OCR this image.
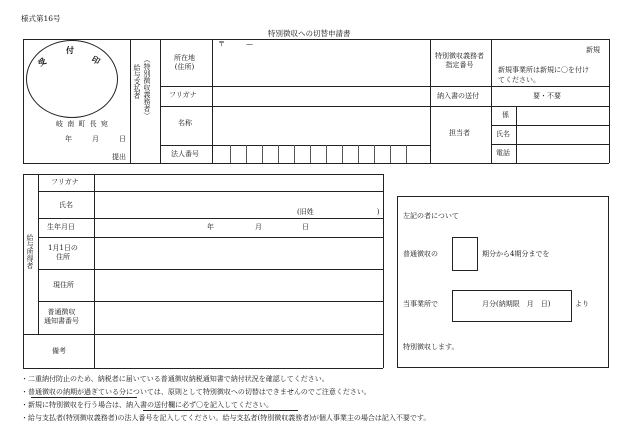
様式第16号
特別徴収への切替申請書
受
付
印
岐 南 町 長 宛
年	月	日
提出
給与支払者 （特別徴収義務者）	所在地
(住所)
〒　　　—
フリガナ
名称
法人番号
特別徴収義務者
指定番号
新規
新規事業所は新規に〇を付け
てください。
納入書の送付	要・不要
担当者
係
氏名
電話
給与所得者
フリガナ
氏名
(旧姓　　　　　　　　　)
生年月日	年	月	日
1月1日の
住所
現住所
普通徴収
通知書番号
備考
左記の者について
普通徴収の	期分から4期分までを
当事業所で	月分(納期限　月　日)	より
特別徴収します。
・二重納付防止のため、納税者に届いている普通徴収納税通知書で納付状況を確認してください。
・普通徴収の納期が過ぎている分については、原則として特別徴収への切替はできませんのでご注意ください。
・新規に特別徴収を行う場合は、納入書の送付欄に必ず〇を記入してください。
・給与支払者(特別徴収義務者)の法人番号を記入してください。給与支払者(特別徴収義務者)が個人事業主の場合は記入不要です。
